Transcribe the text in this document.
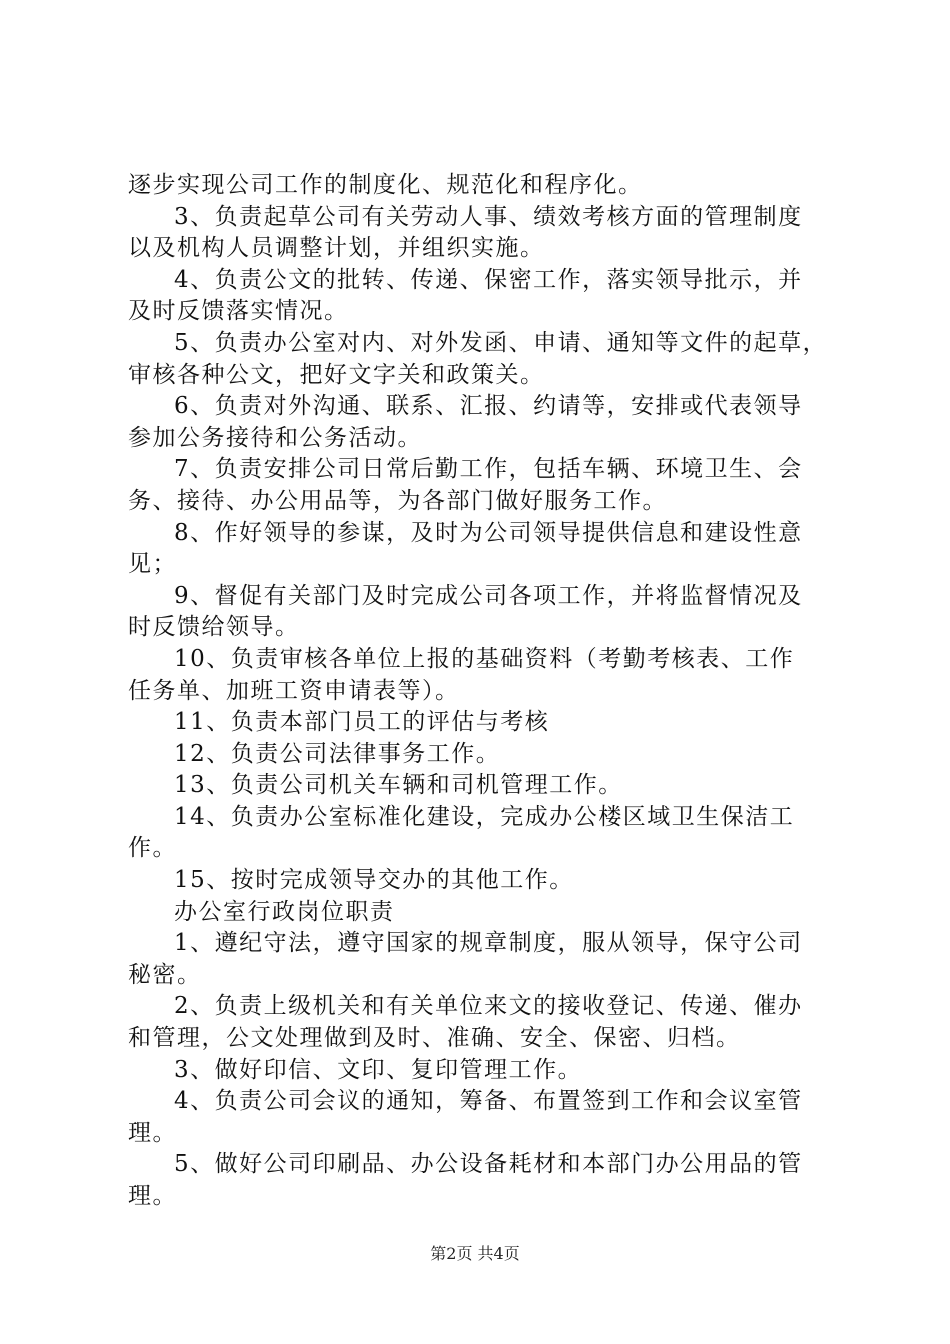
逐步实现公司工作的制度化、规范化和程序化。
3、负责起草公司有关劳动人事、绩效考核方面的管理制度
以及机构人员调整计划，并组织实施。
4、负责公文的批转、传递、保密工作，落实领导批示，并
及时反馈落实情况。
5、负责办公室对内、对外发函、申请、通知等文件的起草，
审核各种公文，把好文字关和政策关。
6、负责对外沟通、联系、汇报、约请等，安排或代表领导
参加公务接待和公务活动。
7、负责安排公司日常后勤工作，包括车辆、环境卫生、会
务、接待、办公用品等，为各部门做好服务工作。
8、作好领导的参谋，及时为公司领导提供信息和建设性意
见；
9、督促有关部门及时完成公司各项工作，并将监督情况及
时反馈给领导。
10、负责审核各单位上报的基础资料（考勤考核表、工作
任务单、加班工资申请表等）。
11、负责本部门员工的评估与考核
12、负责公司法律事务工作。
13、负责公司机关车辆和司机管理工作。
14、负责办公室标准化建设，完成办公楼区域卫生保洁工
作。
15、按时完成领导交办的其他工作。
办公室行政岗位职责
1、遵纪守法，遵守国家的规章制度，服从领导，保守公司
秘密。
2、负责上级机关和有关单位来文的接收登记、传递、催办
和管理，公文处理做到及时、准确、安全、保密、归档。
3、做好印信、文印、复印管理工作。
4、负责公司会议的通知，筹备、布置签到工作和会议室管
理。
5、做好公司印刷品、办公设备耗材和本部门办公用品的管
理。
第2页 共4页
